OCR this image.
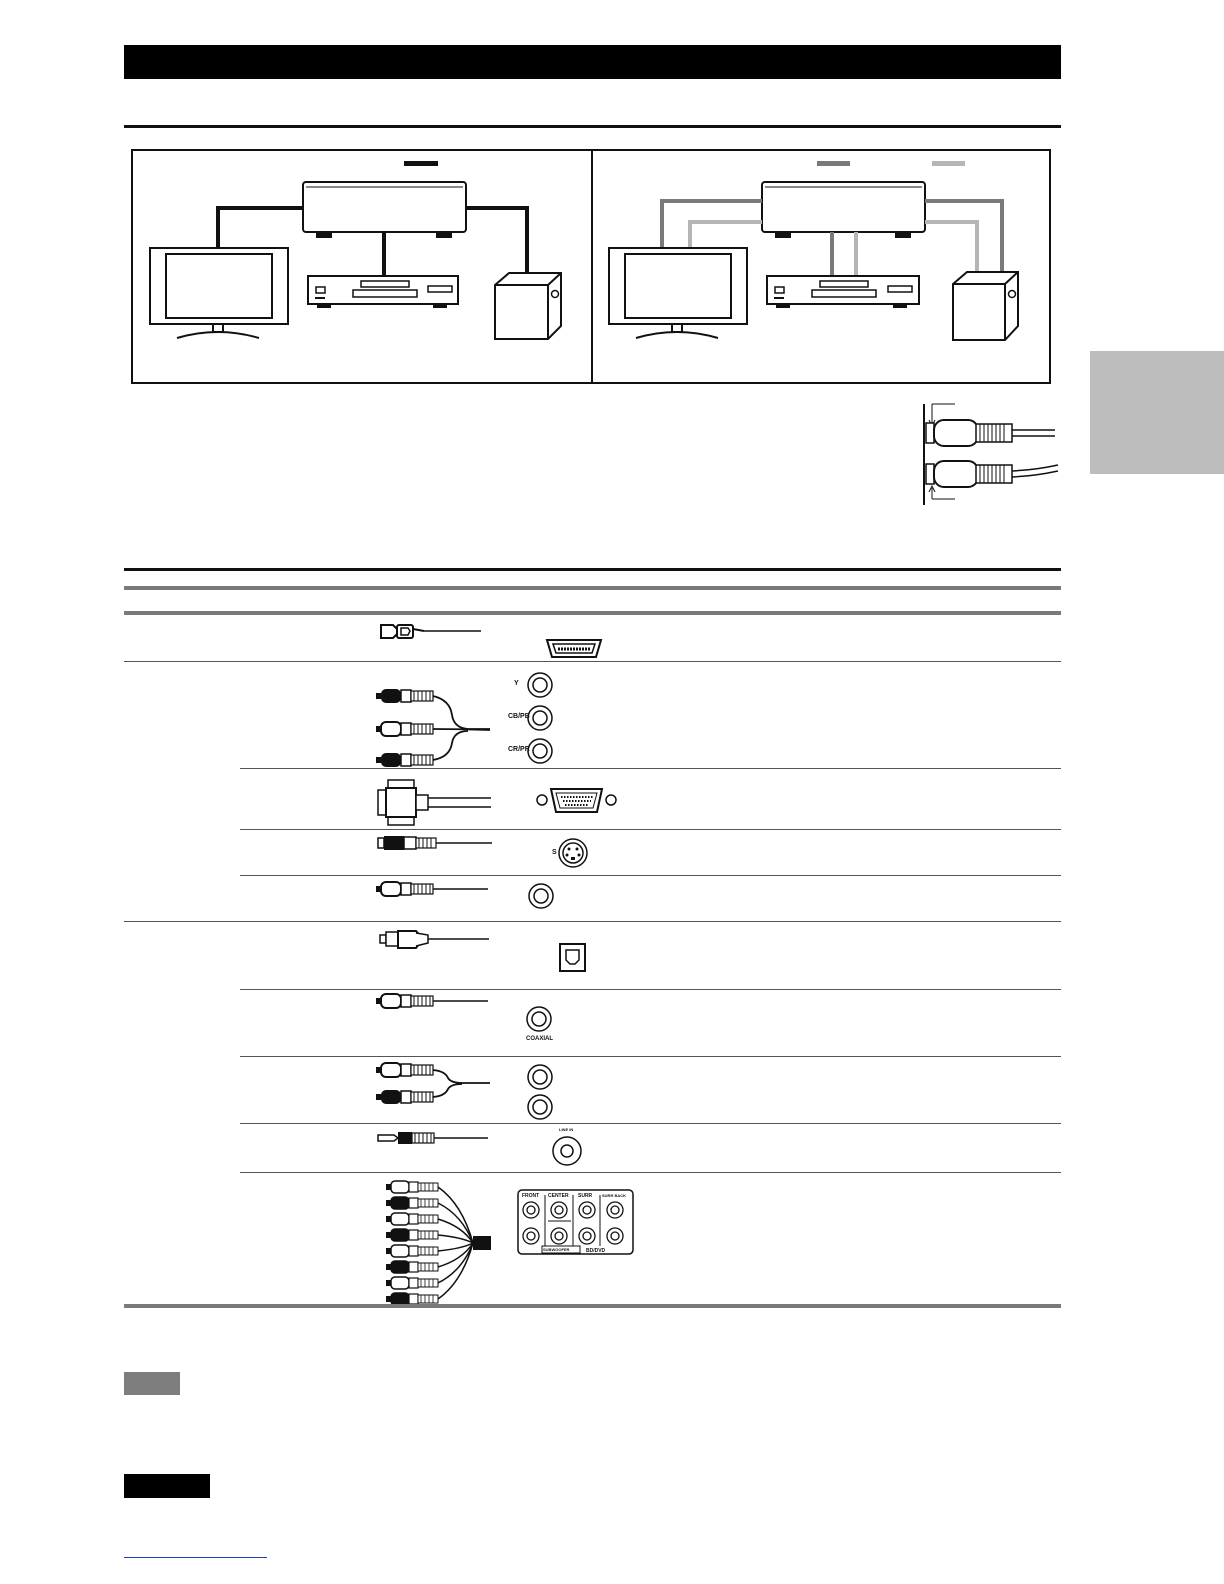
Y
CB/PB
CR/PR
S
COAXIAL
LINE IN
FRONT CENTER SURR SURR BACK
SUBWOOFER	BD/DVD
